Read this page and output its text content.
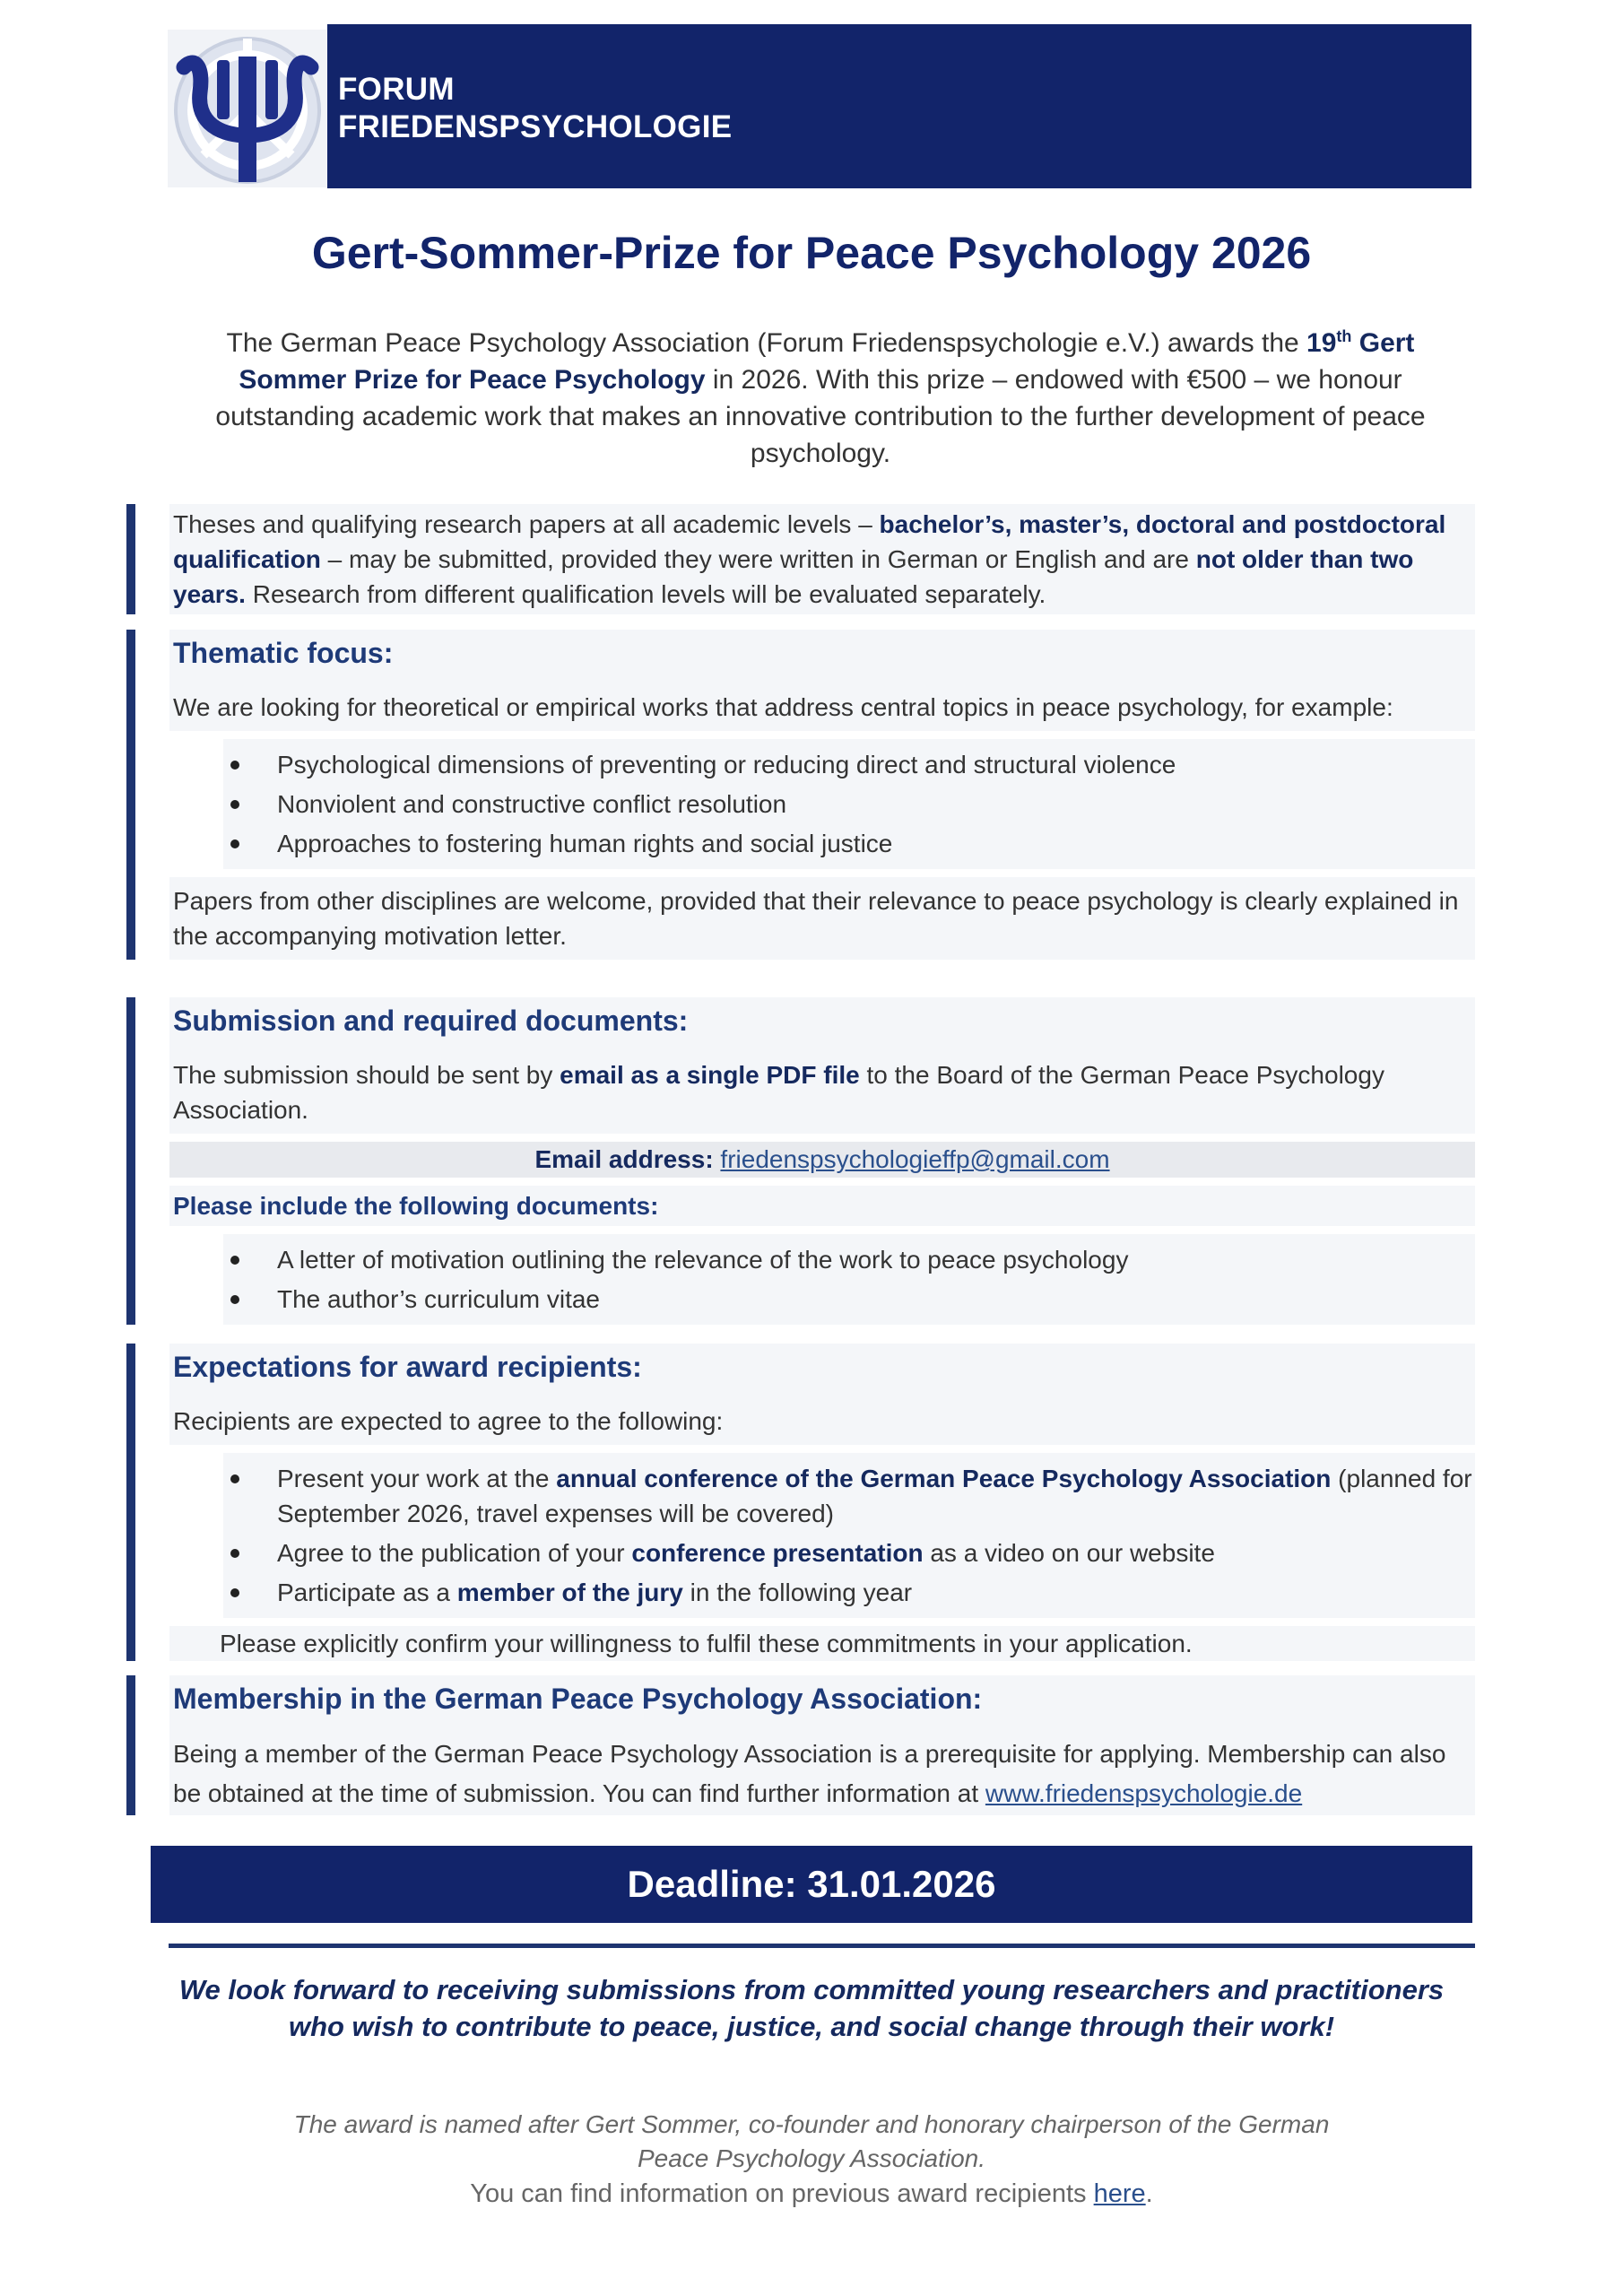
FORUM
FRIEDENSPSYCHOLOGIE
Gert-Sommer-Prize for Peace Psychology 2026

The German Peace Psychology Association (Forum Friedenspsychologie e.V.) awards the 19th Gert Sommer Prize for Peace Psychology in 2026. With this prize – endowed with €500 – we honour outstanding academic work that makes an innovative contribution to the further development of peace psychology.

Theses and qualifying research papers at all academic levels – bachelor’s, master’s, doctoral and postdoctoral qualification – may be submitted, provided they were written in German or English and are not older than two years. Research from different qualification levels will be evaluated separately.
Thematic focus:
We are looking for theoretical or empirical works that address central topics in peace psychology, for example:
Psychological dimensions of preventing or reducing direct and structural violence
Nonviolent and constructive conflict resolution
Approaches to fostering human rights and social justice
Papers from other disciplines are welcome, provided that their relevance to peace psychology is clearly explained in the accompanying motivation letter.
Submission and required documents:
The submission should be sent by email as a single PDF file to the Board of the German Peace Psychology Association.
Email address: friedenspsychologieffp@gmail.com
Please include the following documents:
A letter of motivation outlining the relevance of the work to peace psychology
The author’s curriculum vitae
Expectations for award recipients:
Recipients are expected to agree to the following:
Present your work at the annual conference of the German Peace Psychology Association (planned for September 2026, travel expenses will be covered)
Agree to the publication of your conference presentation as a video on our website
Participate as a member of the jury in the following year
Please explicitly confirm your willingness to fulfil these commitments in your application.
Membership in the German Peace Psychology Association:
Being a member of the German Peace Psychology Association is a prerequisite for applying. Membership can also be obtained at the time of submission. You can find further information at www.friedenspsychologie.de
Deadline: 31.01.2026

We look forward to receiving submissions from committed young researchers and practitioners who wish to contribute to peace, justice, and social change through their work!

The award is named after Gert Sommer, co-founder and honorary chairperson of the German Peace Psychology Association.

You can find information on previous award recipients here.
